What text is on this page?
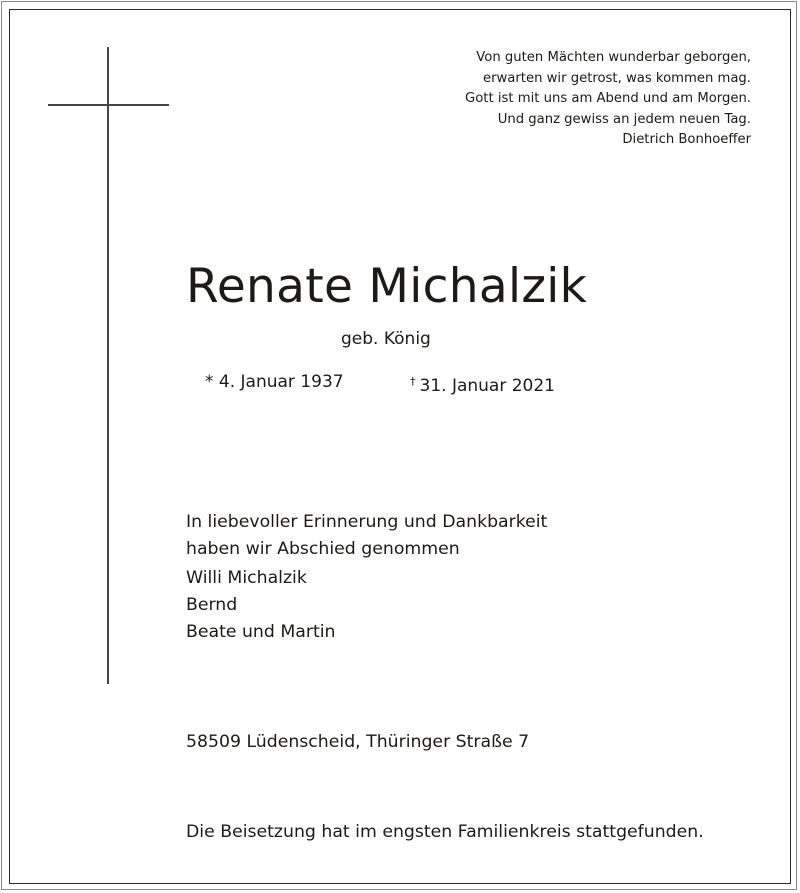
Von guten Mächten wunderbar geborgen,
erwarten wir getrost, was kommen mag.
Gott ist mit uns am Abend und am Morgen.
Und ganz gewiss an jedem neuen Tag.
Dietrich Bonhoeffer
Renate Michalzik
geb. König
* 4. Januar 1937	† 31. Januar 2021
In liebevoller Erinnerung und Dankbarkeit
haben wir Abschied genommen
Willi Michalzik
Bernd
Beate und Martin
58509 Lüdenscheid, Thüringer Straße 7
Die Beisetzung hat im engsten Familienkreis stattgefunden.
